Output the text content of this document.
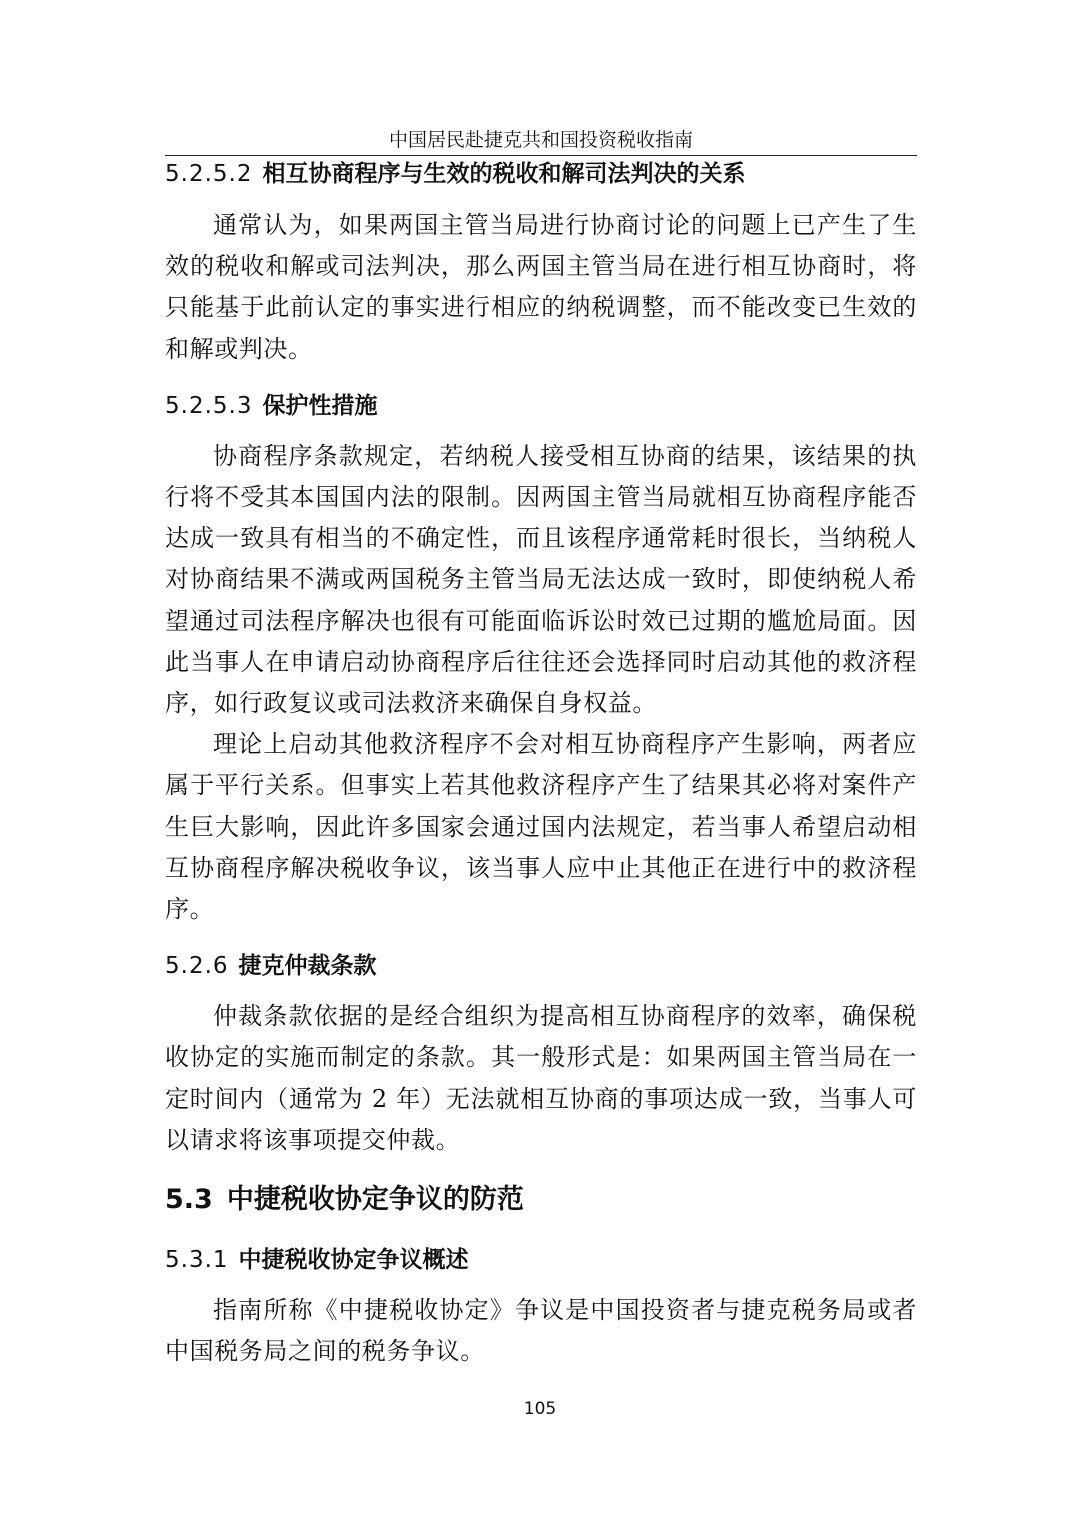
中国居民赴捷克共和国投资税收指南
5.2.5.2 相互协商程序与生效的税收和解司法判决的关系

通常认为，如果两国主管当局进行协商讨论的问题上已产生了生效的税收和解或司法判决，那么两国主管当局在进行相互协商时，将只能基于此前认定的事实进行相应的纳税调整，而不能改变已生效的和解或判决。

5.2.5.3 保护性措施

协商程序条款规定，若纳税人接受相互协商的结果，该结果的执行将不受其本国国内法的限制。因两国主管当局就相互协商程序能否达成一致具有相当的不确定性，而且该程序通常耗时很长，当纳税人对协商结果不满或两国税务主管当局无法达成一致时，即使纳税人希望通过司法程序解决也很有可能面临诉讼时效已过期的尴尬局面。因此当事人在申请启动协商程序后往往还会选择同时启动其他的救济程序，如行政复议或司法救济来确保自身权益。

理论上启动其他救济程序不会对相互协商程序产生影响，两者应属于平行关系。但事实上若其他救济程序产生了结果其必将对案件产生巨大影响，因此许多国家会通过国内法规定，若当事人希望启动相互协商程序解决税收争议，该当事人应中止其他正在进行中的救济程序。

5.2.6 捷克仲裁条款

仲裁条款依据的是经合组织为提高相互协商程序的效率，确保税收协定的实施而制定的条款。其一般形式是：如果两国主管当局在一定时间内（通常为 2 年）无法就相互协商的事项达成一致，当事人可以请求将该事项提交仲裁。

5.3 中捷税收协定争议的防范
5.3.1 中捷税收协定争议概述

指南所称《中捷税收协定》争议是中国投资者与捷克税务局或者中国税务局之间的税务争议。

105
